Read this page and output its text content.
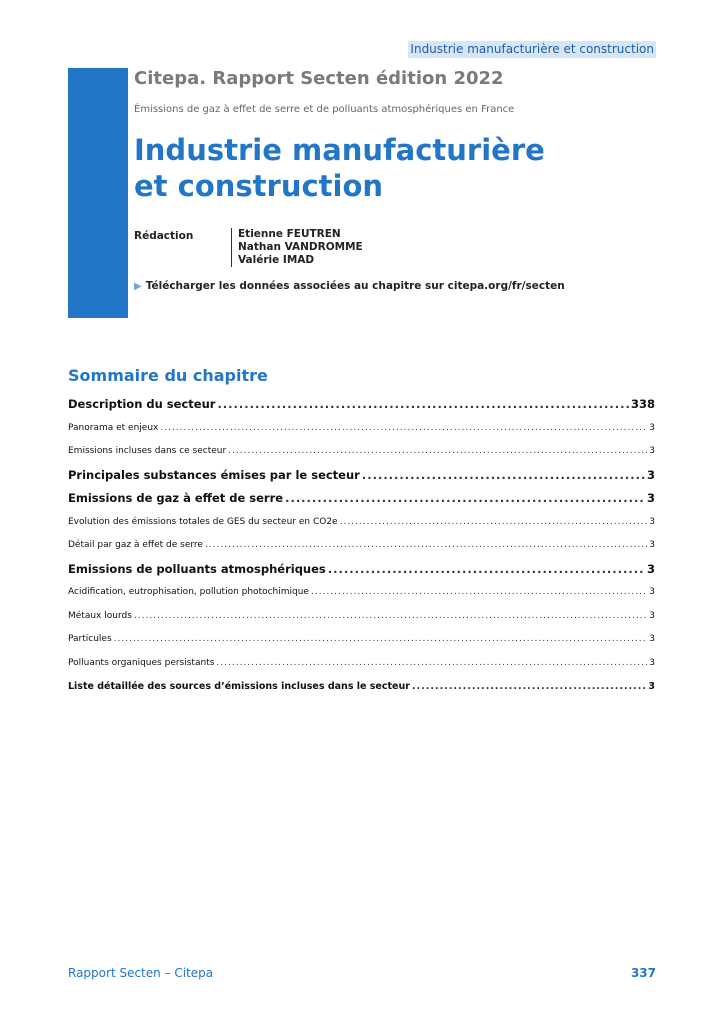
Industrie manufacturière et construction
Citepa. Rapport Secten édition 2022
Émissions de gaz à effet de serre et de polluants atmosphériques en France
Industrie manufacturière
et construction
Rédaction	Etienne FEUTREN
Nathan VANDROMME
Valérie IMAD
▶ Télécharger les données associées au chapitre sur citepa.org/fr/secten
Sommaire du chapitre
Description du secteur .....	338
Panorama et enjeux .....	3
Emissions incluses dans ce secteur .....	3
Principales substances émises par le secteur .....	3
Emissions de gaz à effet de serre .....	3
Evolution des émissions totales de GES du secteur en CO2e .....	3
Détail par gaz à effet de serre .....	3
Emissions de polluants atmosphériques .....	3
Acidification, eutrophisation, pollution photochimique .....	3
Métaux lourds .....	3
Particules .....	3
Polluants organiques persistants .....	3
Liste détaillée des sources d’émissions incluses dans le secteur .....	3
Rapport Secten – Citepa	337
